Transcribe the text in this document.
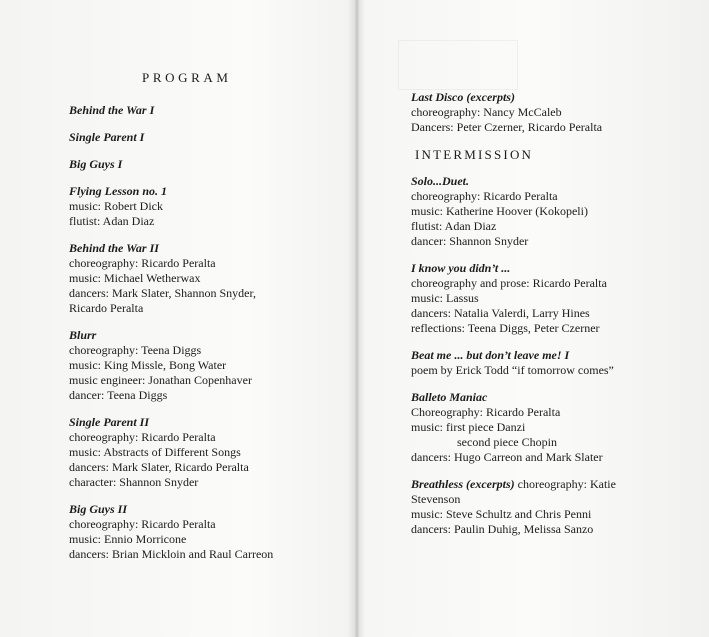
PROGRAM
Behind the War I
Single Parent I
Big Guys I
Flying Lesson no. 1
music: Robert Dick
flutist: Adan Diaz
Behind the War II
choreography: Ricardo Peralta
music: Michael Wetherwax
dancers: Mark Slater, Shannon Snyder,
Ricardo Peralta
Blurr
choreography: Teena Diggs
music: King Missle, Bong Water
music engineer: Jonathan Copenhaver
dancer: Teena Diggs
Single Parent II
choreography: Ricardo Peralta
music: Abstracts of Different Songs
dancers: Mark Slater, Ricardo Peralta
character: Shannon Snyder
Big Guys II
choreography: Ricardo Peralta
music: Ennio Morricone
dancers: Brian Mickloin and Raul Carreon
Last Disco (excerpts)
choreography: Nancy McCaleb
Dancers: Peter Czerner, Ricardo Peralta
INTERMISSION
Solo...Duet.
choreography: Ricardo Peralta
music: Katherine Hoover (Kokopeli)
flutist: Adan Diaz
dancer: Shannon Snyder
I know you didn’t ...
choreography and prose: Ricardo Peralta
music: Lassus
dancers: Natalia Valerdi, Larry Hines
reflections: Teena Diggs, Peter Czerner
Beat me ... but don’t leave me! I
poem by Erick Todd “if tomorrow comes”
Balleto Maniac
Choreography: Ricardo Peralta
music: first piece Danzi
second piece Chopin
dancers: Hugo Carreon and Mark Slater
Breathless (excerpts) choreography: Katie
Stevenson
music: Steve Schultz and Chris Penni
dancers: Paulin Duhig, Melissa Sanzo
